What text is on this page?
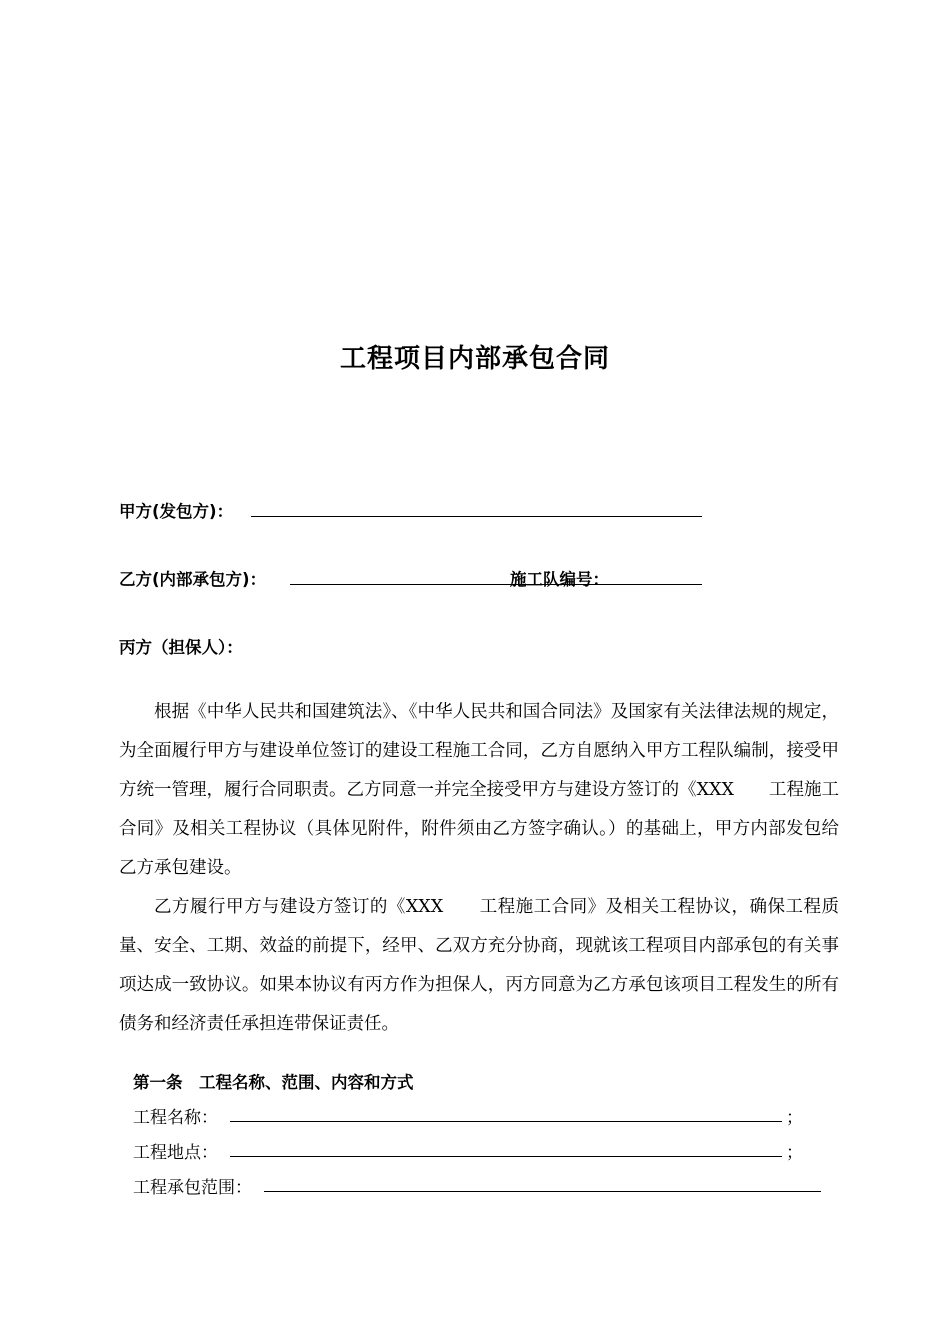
工程项目内部承包合同
甲方(发包方)：
乙方(内部承包方)：	施工队编号：
丙方（担保人）：

根据《中华人民共和国建筑法》、《中华人民共和国合同法》及国家有关法律法规的规定，为全面履行甲方与建设单位签订的建设工程施工合同，乙方自愿纳入甲方工程队编制，接受甲方统一管理，履行合同职责。乙方同意一并完全接受甲方与建设方签订的《XXX　　工程施工合同》及相关工程协议（具体见附件，附件须由乙方签字确认。）的基础上，甲方内部发包给乙方承包建设。

乙方履行甲方与建设方签订的《XXX　　工程施工合同》及相关工程协议，确保工程质量、安全、工期、效益的前提下，经甲、乙双方充分协商，现就该工程项目内部承包的有关事项达成一致协议。如果本协议有丙方作为担保人，丙方同意为乙方承包该项目工程发生的所有债务和经济责任承担连带保证责任。

第一条　工程名称、范围、内容和方式
工程名称：	；
工程地点：	；
工程承包范围：
